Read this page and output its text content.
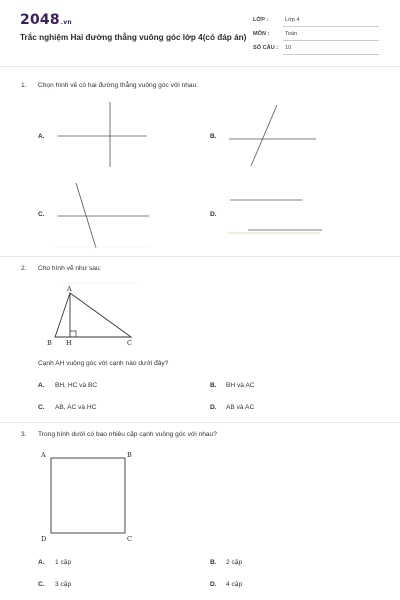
2048.vn
Trắc nghiệm Hai đường thẳng vuông góc lớp 4(có đáp án)
LỚP :	Lớp 4
MÔN :	Toán
SỐ CÂU : 10
1. Chọn hình vẽ có hai đường thẳng vuông góc với nhau:
A.	B.
C.	D.
2. Cho hình vẽ như sau:
A
B H	C
Cạnh AH vuông góc với cạnh nào dưới đây?
A. BH, HC và BC	B. BH và AC
C. AB, AC và HC	D. AB và AC
3. Trong hình dưới có bao nhiêu cặp cạnh vuông góc với nhau?
A	B
C
D
A. 1 cặp	B. 2 cặp
C. 3 cặp	D. 4 cặp
